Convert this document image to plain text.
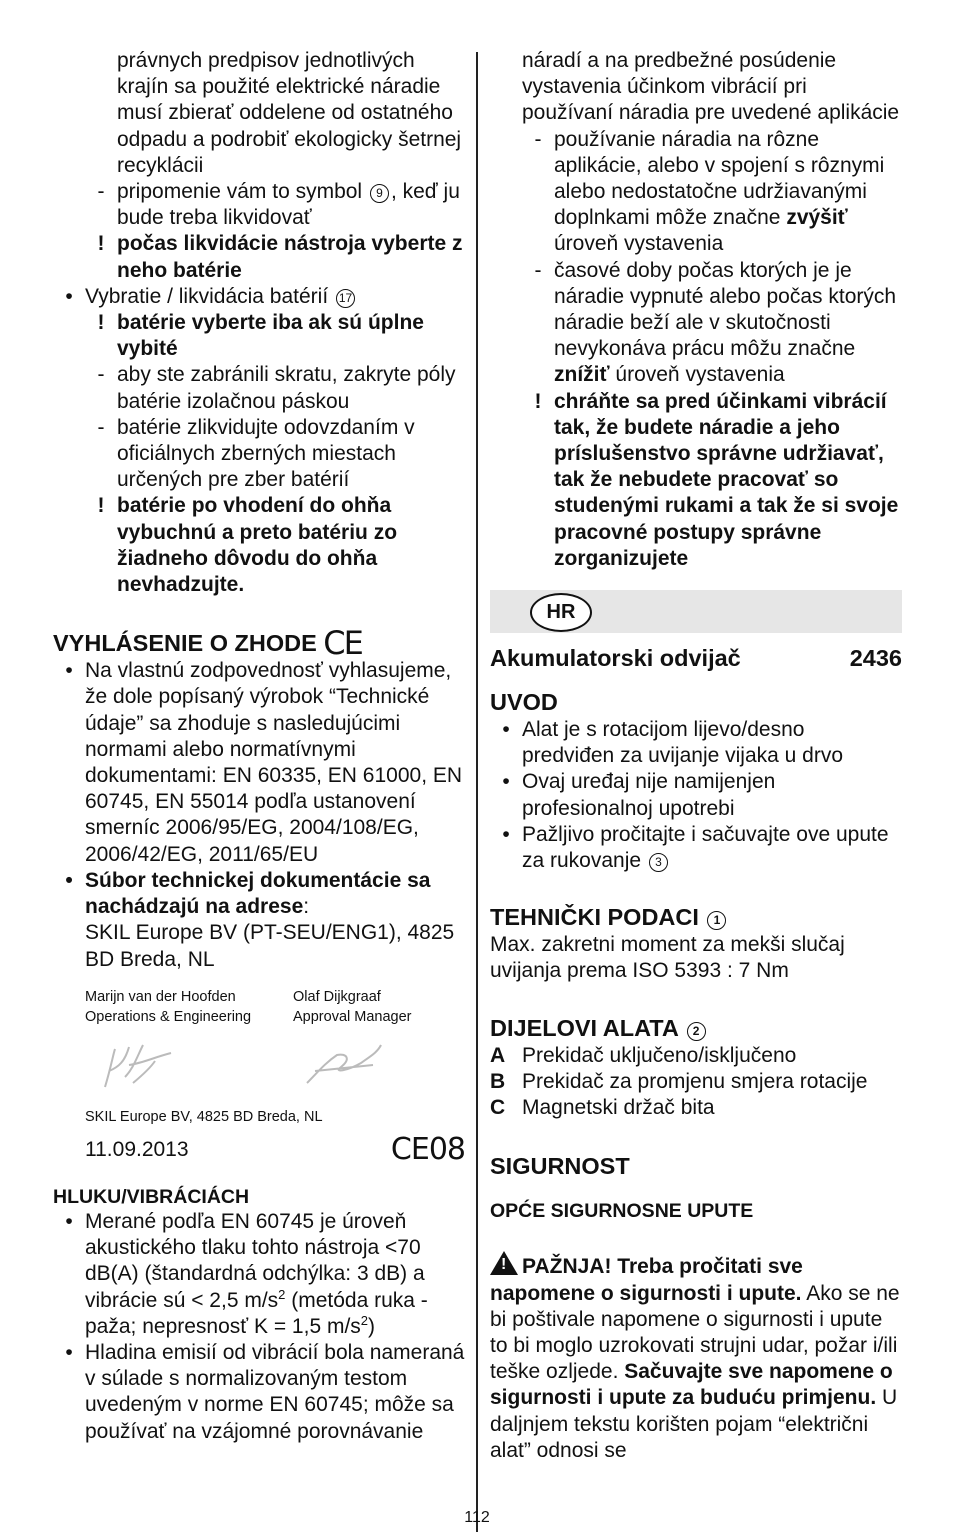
právnych predpisov jednotlivých krajín sa použité elektrické náradie musí zbierať oddelene od ostatného odpadu a podrobiť ekologicky šetrnej recyklácii
- pripomenie vám to symbol 9 , keď ju bude treba likvidovať
! počas likvidácie nástroja vyberte z neho batérie
• Vybratie / likvidácia batérií 17
! batérie vyberte iba ak sú úplne vybité
- aby ste zabránili skratu, zakryte póly batérie izolačnou páskou
- batérie zlikvidujte odovzdaním v oficiálnych zberných miestach určených pre zber batérií
! batérie po vhodení do ohňa vybuchnú a preto batériu zo žiadneho dôvodu do ohňa nevhadzujte.
VYHLÁSENIE O ZHODE CE
• Na vlastnú zodpovednosť vyhlasujeme, že dole popísaný výrobok “Technické údaje” sa zhoduje s nasledujúcimi normami alebo normatívnymi dokumentami: EN 60335, EN 61000, EN 60745, EN 55014 podľa ustanovení smerníc 2006/95/EG, 2004/108/EG, 2006/42/EG, 2011/65/EU
• Súbor technickej dokumentácie sa nachádzajú na adrese:
SKIL Europe BV (PT-SEU/ENG1), 4825 BD Breda, NL
Marijn van der Hoofden
Operations & Engineering
Olaf Dijkgraaf
Approval Manager
SKIL Europe BV, 4825 BD Breda, NL
11.09.2013	CE08
HLUKU/VIBRÁCIÁCH
• Merané podľa EN 60745 je úroveň akustického tlaku tohto nástroja <70 dB(A) (štandardná odchýlka: 3 dB) a vibrácie sú < 2,5 $m/s^2$ (metóda ruka - paža; nepresnosť K = 1,5 $m/s^2$)
• Hladina emisií od vibrácií bola nameraná v súlade s normalizovaným testom uvedeným v norme EN 60745; môže sa používať na vzájomné porovnávanie
náradí a na predbežné posúdenie vystavenia účinkom vibrácií pri používaní náradia pre uvedené aplikácie
- používanie náradia na rôzne aplikácie, alebo v spojení s rôznymi alebo nedostatočne udržiavanými doplnkami môže značne zvýšiť úroveň vystavenia
- časové doby počas ktorých je je náradie vypnuté alebo počas ktorých náradie beží ale v skutočnosti nevykonáva prácu môžu značne znížiť úroveň vystavenia
! chráňte sa pred účinkami vibrácií tak, že budete náradie a jeho príslušenstvo správne udržiavať, tak že nebudete pracovať so studenými rukami a tak že si svoje pracovné postupy správne zorganizujete
HR
Akumulatorski odvijač	2436
UVOD
• Alat je s rotacijom lijevo/desno predviđen za uvijanje vijaka u drvo
• Ovaj uređaj nije namijenjen profesionalnoj upotrebi
• Pažljivo pročitajte i sačuvajte ove upute za rukovanje 3
TEHNIČKI PODACI 1
Max. zakretni moment za mekši slučaj uvijanja prema ISO 5393 : 7 Nm
DIJELOVI ALATA 2
A Prekidač uključeno/isključeno
B Prekidač za promjenu smjera rotacije
C Magnetski držač bita
SIGURNOST
OPĆE SIGURNOSNE UPUTE
!PAŽNJA! Treba pročitati sve napomene o sigurnosti i upute. Ako se ne bi poštivale napomene o sigurnosti i upute to bi moglo uzrokovati strujni udar, požar i/ili teške ozljede. Sačuvajte sve napomene o sigurnosti i upute za buduću primjenu. U daljnjem tekstu korišten pojam “električni alat” odnosi se
112
